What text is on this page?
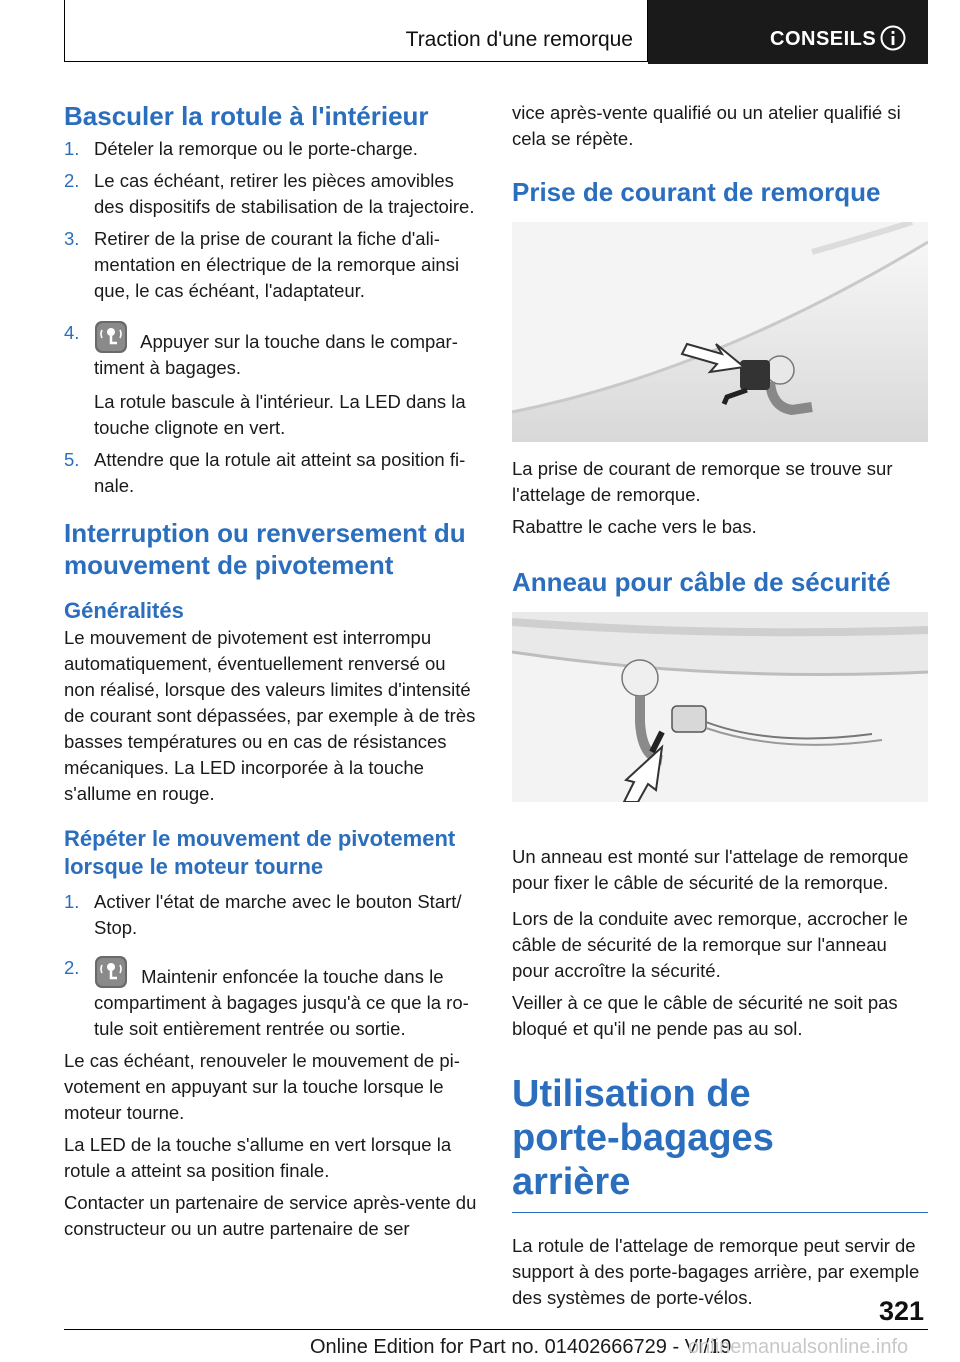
Traction d'une remorque	CONSEILS
Basculer la rotule à l'intérieur
1. Dételer la remorque ou le porte-charge.
2. Le cas échéant, retirer les pièces amovibles des dispositifs de stabilisation de la trajectoire.
3. Retirer de la prise de courant la fiche d'alimentation en électrique de la remorque ainsi que, le cas échéant, l'adaptateur.
4.	Appuyer sur la touche dans le compartiment à bagages.
La rotule bascule à l'intérieur. La LED dans la touche clignote en vert.
5. Attendre que la rotule ait atteint sa position finale.
Interruption ou renversement du mouvement de pivotement
Généralités

Le mouvement de pivotement est interrompu automatiquement, éventuellement renversé ou non réalisé, lorsque des valeurs limites d'intensité de courant sont dépassées, par exemple à de très basses températures ou en cas de résistances mécaniques. La LED incorporée à la touche s'allume en rouge.

Répéter le mouvement de pivotement lorsque le moteur tourne
1. Activer l'état de marche avec le bouton Start/ Stop.
2.	Maintenir enfoncée la touche dans le compartiment à bagages jusqu'à ce que la rotule soit entièrement rentrée ou sortie.

Le cas échéant, renouveler le mouvement de pivotement en appuyant sur la touche lorsque le moteur tourne.

La LED de la touche s'allume en vert lorsque la rotule a atteint sa position finale.

Contacter un partenaire de service après-vente du constructeur ou un autre partenaire de ser

vice après-vente qualifié ou un atelier qualifié si cela se répète.

Prise de courant de remorque

La prise de courant de remorque se trouve sur l'attelage de remorque.

Rabattre le cache vers le bas.

Anneau pour câble de sécurité

Un anneau est monté sur l'attelage de remorque pour fixer le câble de sécurité de la remorque.

Lors de la conduite avec remorque, accrocher le câble de sécurité de la remorque sur l'anneau pour accroître la sécurité.

Veiller à ce que le câble de sécurité ne soit pas bloqué et qu'il ne pende pas au sol.

Utilisation de porte-bagages arrière

La rotule de l'attelage de remorque peut servir de support à des porte-bagages arrière, par exemple des systèmes de porte-vélos.	321
Online Edition for Part no. 01402666729 - VI/19
onlinemanualsonline.info
